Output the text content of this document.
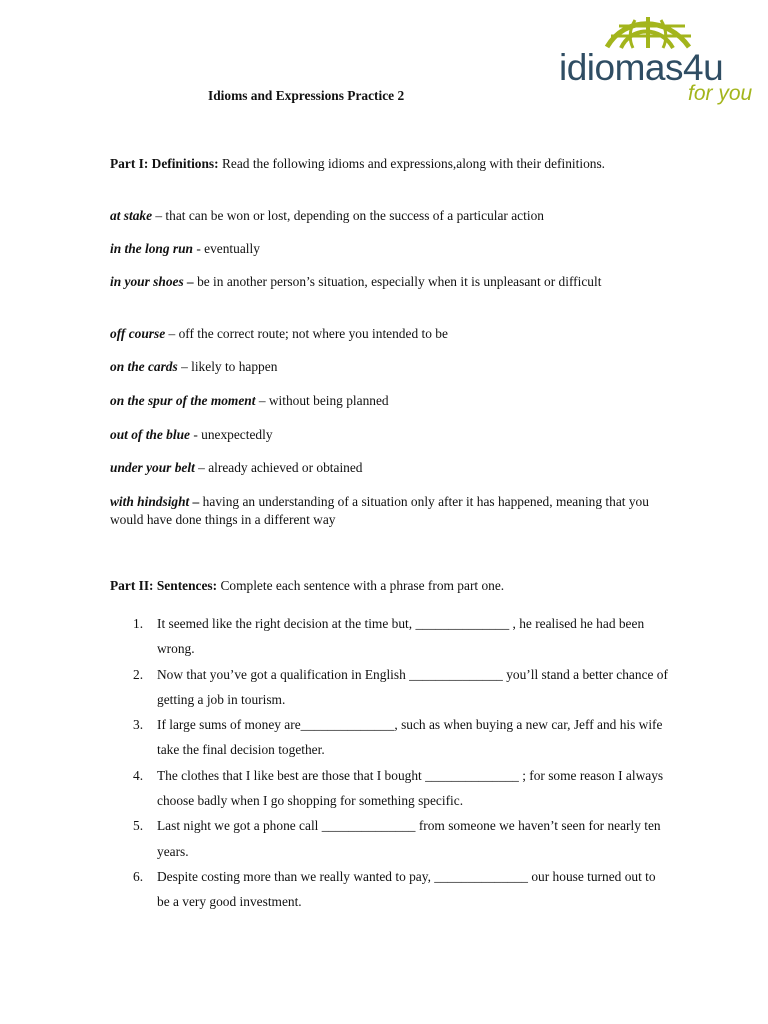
idiomas4u
for you
Idioms and Expressions Practice 2
Part I: Definitions: Read the following idioms and expressions,along with their definitions.
at stake – that can be won or lost, depending on the success of a particular action
in the long run - eventually
in your shoes – be in another person’s situation, especially when it is unpleasant or difficult
off course – off the correct route; not where you intended to be
on the cards – likely to happen
on the spur of the moment – without being planned
out of the blue - unexpectedly
under your belt – already achieved or obtained
with hindsight – having an understanding of a situation only after it has happened, meaning that you would have done things in a different way
Part II: Sentences: Complete each sentence with a phrase from part one.
1. It seemed like the right decision at the time but, ______________ , he realised he had been wrong.
2. Now that you’ve got a qualification in English ______________ you’ll stand a better chance of getting a job in tourism.
3. If large sums of money are______________, such as when buying a new car, Jeff and his wife take the final decision together.
4. The clothes that I like best are those that I bought ______________ ; for some reason I always choose badly when I go shopping for something specific.
5. Last night we got a phone call ______________ from someone we haven’t seen for nearly ten years.
6. Despite costing more than we really wanted to pay, ______________ our house turned out to be a very good investment.
